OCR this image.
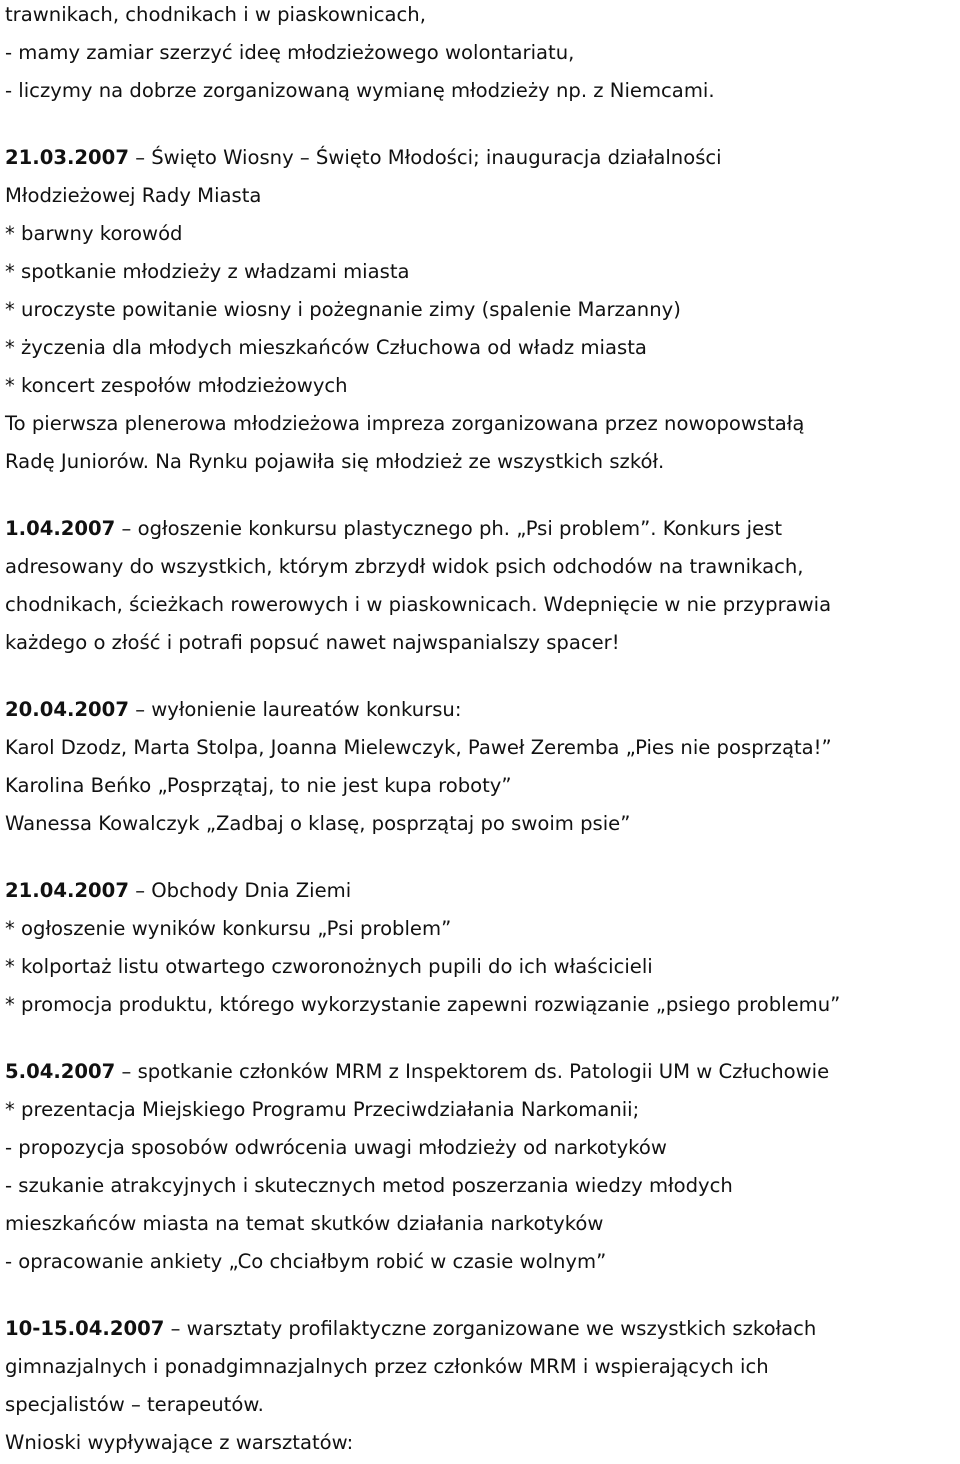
trawnikach, chodnikach i w piaskownicach,
- mamy zamiar szerzyć ideę młodzieżowego wolontariatu,
- liczymy na dobrze zorganizowaną wymianę młodzieży np. z Niemcami.
21.03.2007 – Święto Wiosny – Święto Młodości; inauguracja działalności
Młodzieżowej Rady Miasta
* barwny korowód
* spotkanie młodzieży z władzami miasta
* uroczyste powitanie wiosny i pożegnanie zimy (spalenie Marzanny)
* życzenia dla młodych mieszkańców Człuchowa od władz miasta
* koncert zespołów młodzieżowych
To pierwsza plenerowa młodzieżowa impreza zorganizowana przez nowopowstałą
Radę Juniorów. Na Rynku pojawiła się młodzież ze wszystkich szkół.
1.04.2007 – ogłoszenie konkursu plastycznego ph. „Psi problem”. Konkurs jest
adresowany do wszystkich, którym zbrzydł widok psich odchodów na trawnikach,
chodnikach, ścieżkach rowerowych i w piaskownicach. Wdepnięcie w nie przyprawia
każdego o złość i potrafi popsuć nawet najwspanialszy spacer!
20.04.2007 – wyłonienie laureatów konkursu:
Karol Dzodz, Marta Stolpa, Joanna Mielewczyk, Paweł Zeremba „Pies nie posprząta!”
Karolina Beńko „Posprzątaj, to nie jest kupa roboty”
Wanessa Kowalczyk „Zadbaj o klasę, posprzątaj po swoim psie”
21.04.2007 – Obchody Dnia Ziemi
* ogłoszenie wyników konkursu „Psi problem”
* kolportaż listu otwartego czworonożnych pupili do ich właścicieli
* promocja produktu, którego wykorzystanie zapewni rozwiązanie „psiego problemu”
5.04.2007 – spotkanie członków MRM z Inspektorem ds. Patologii UM w Człuchowie
* prezentacja Miejskiego Programu Przeciwdziałania Narkomanii;
- propozycja sposobów odwrócenia uwagi młodzieży od narkotyków
- szukanie atrakcyjnych i skutecznych metod poszerzania wiedzy młodych
mieszkańców miasta na temat skutków działania narkotyków
- opracowanie ankiety „Co chciałbym robić w czasie wolnym”
10-15.04.2007 – warsztaty profilaktyczne zorganizowane we wszystkich szkołach
gimnazjalnych i ponadgimnazjalnych przez członków MRM i wspierających ich
specjalistów – terapeutów.
Wnioski wypływające z warsztatów:
